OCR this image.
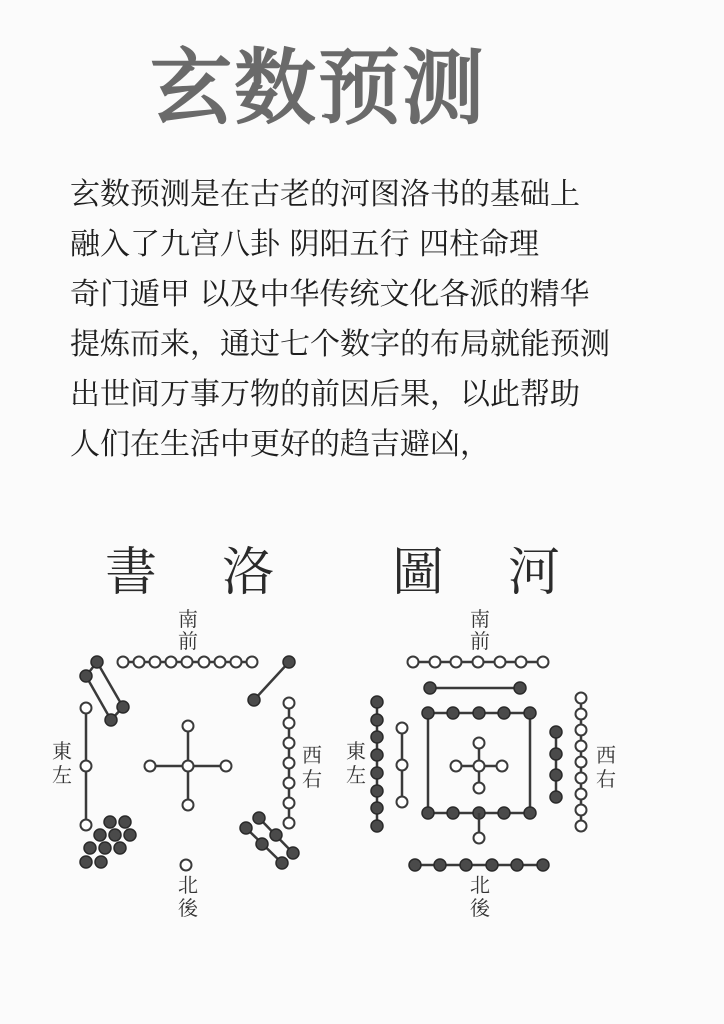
玄数预测
玄数预测是在古老的河图洛书的基础上
融入了九宫八卦 阴阳五行 四柱命理
奇门遁甲 以及中华传统文化各派的精华
提炼而来，通过七个数字的布局就能预测
出世间万事万物的前因后果，以此帮助
人们在生活中更好的趋吉避凶，
書 洛
南
前
北
後
東
左
西
右
圖 河
南
前
北
後
東
左
西
右
